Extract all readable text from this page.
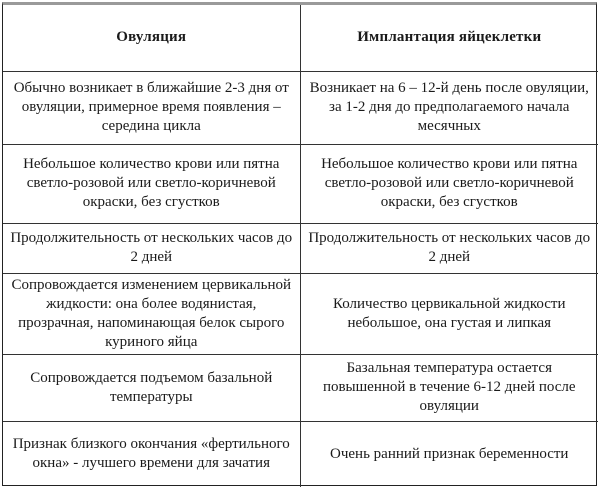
Овуляция	Имплантация яйцеклетки

Обычно возникает в ближайшие 2-3 дня от овуляции, примерное время появления – середина цикла	Возникает на 6 – 12-й день после овуляции, за 1-2 дня до предполагаемого начала месячных

Небольшое количество крови или пятна светло-розовой или светло-коричневой окраски, без сгустков	Небольшое количество крови или пятна светло-розовой или светло-коричневой окраски, без сгустков

Продолжительность от нескольких часов до 2 дней	Продолжительность от нескольких часов до 2 дней

Сопровождается изменением цервикальной жидкости: она более водянистая, прозрачная, напоминающая белок сырого куриного яйца	Количество цервикальной жидкости небольшое, она густая и липкая

Сопровождается подъемом базальной температуры	Базальная температура остается повышенной в течение 6-12 дней после овуляции

Признак близкого окончания «фертильного окна» - лучшего времени для зачатия	Очень ранний признак беременности
